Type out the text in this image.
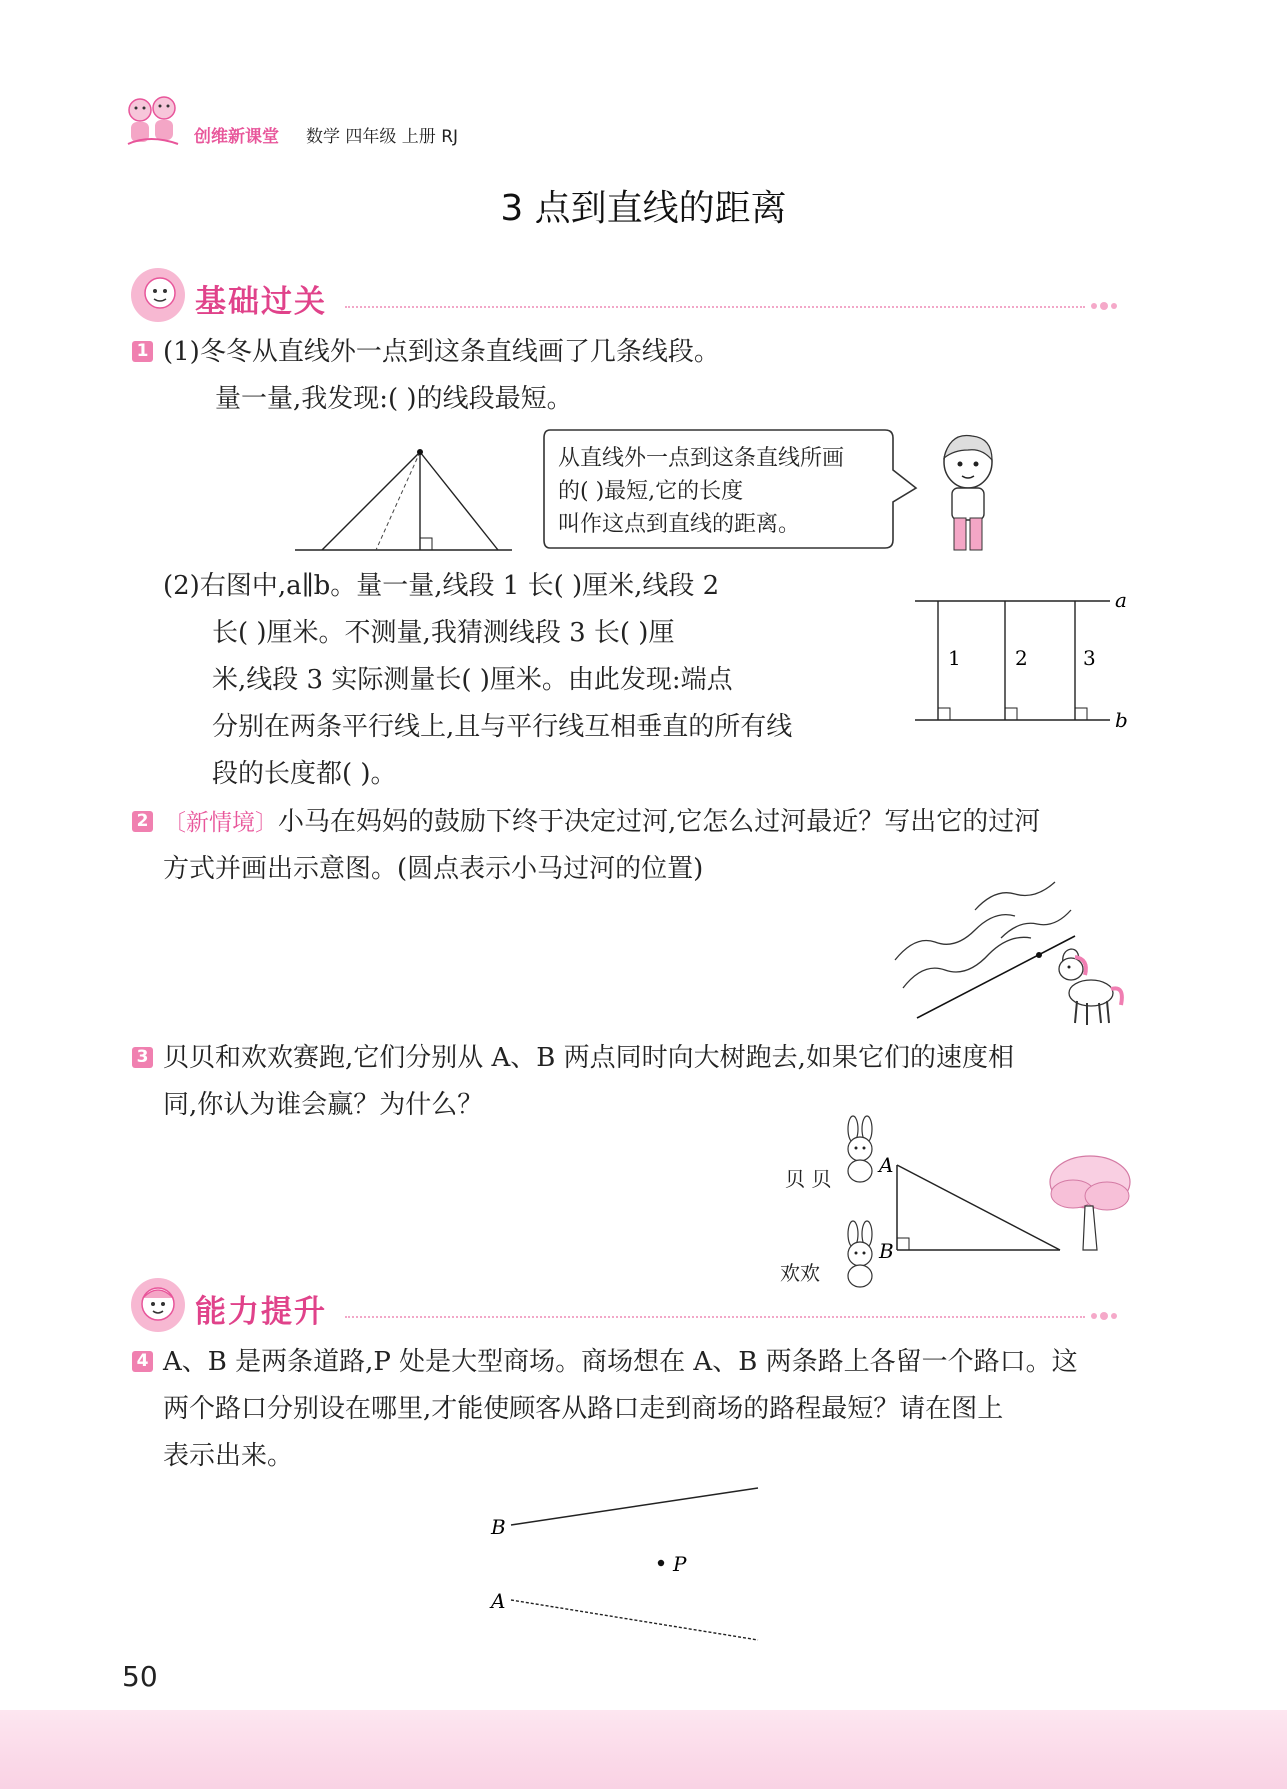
创维新课堂 数学 四年级 上册 RJ
3 点到直线的距离
基础过关
1 (1)冬冬从直线外一点到这条直线画了几条线段。
量一量,我发现:( )的线段最短。
从直线外一点到这条直线所画
的( )最短,它的长度
叫作这点到直线的距离。
(2)右图中,a∥b。量一量,线段 1 长( )厘米,线段 2
长( )厘米。不测量,我猜测线段 3 长( )厘
米,线段 3 实际测量长( )厘米。由此发现:端点
分别在两条平行线上,且与平行线互相垂直的所有线
段的长度都( )。
a
b
1	2	3
2 〔新情境〕小马在妈妈的鼓励下终于决定过河,它怎么过河最近？写出它的过河
方式并画出示意图。(圆点表示小马过河的位置)
3 贝贝和欢欢赛跑,它们分别从 A、B 两点同时向大树跑去,如果它们的速度相
同,你认为谁会赢？为什么？
贝 贝
欢欢
A
B
能力提升
4 A、B 是两条道路,P 处是大型商场。商场想在 A、B 两条路上各留一个路口。这
两个路口分别设在哪里,才能使顾客从路口走到商场的路程最短？请在图上
表示出来。
B
A
P
50
